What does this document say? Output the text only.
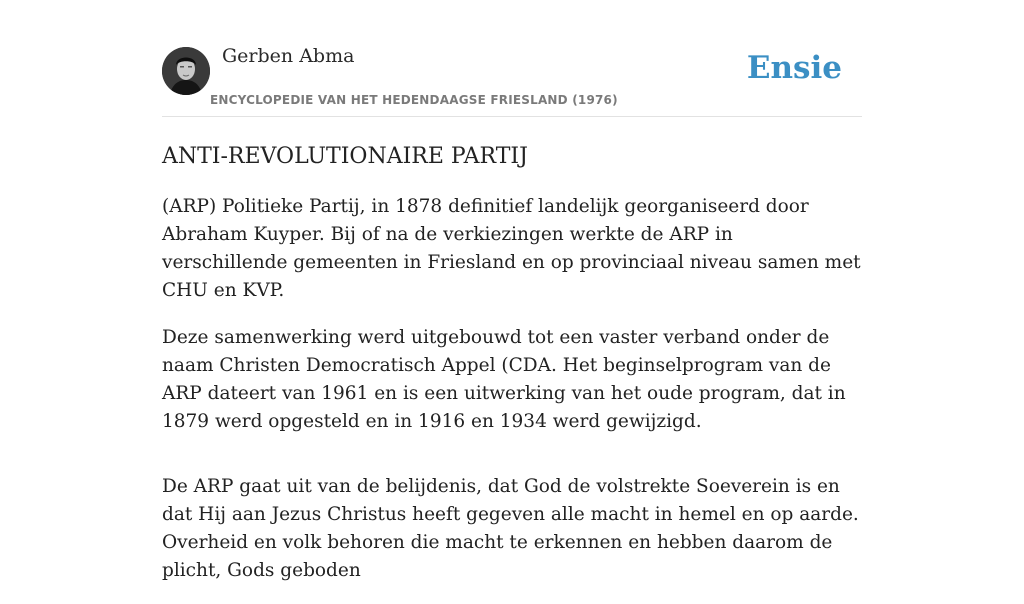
Gerben Abma
ENCYCLOPEDIE VAN HET HEDENDAAGSE FRIESLAND (1976)
Ensie
ANTI-REVOLUTIONAIRE PARTIJ

(ARP) Politieke Partij, in 1878 definitief landelijk georganiseerd door Abraham Kuyper. Bij of na de verkiezingen werkte de ARP in verschillende gemeenten in Friesland en op provinciaal niveau samen met CHU en KVP.

Deze samenwerking werd uitgebouwd tot een vaster verband onder de naam Christen Democratisch Appel (CDA. Het beginselprogram van de ARP dateert van 1961 en is een uitwerking van het oude program, dat in 1879 werd opgesteld en in 1916 en 1934 werd gewijzigd.

De ARP gaat uit van de belijdenis, dat God de volstrekte Soeverein is en dat Hij aan Jezus Christus heeft gegeven alle macht in hemel en op aarde. Overheid en volk behoren die macht te erkennen en hebben daarom de plicht, Gods geboden
